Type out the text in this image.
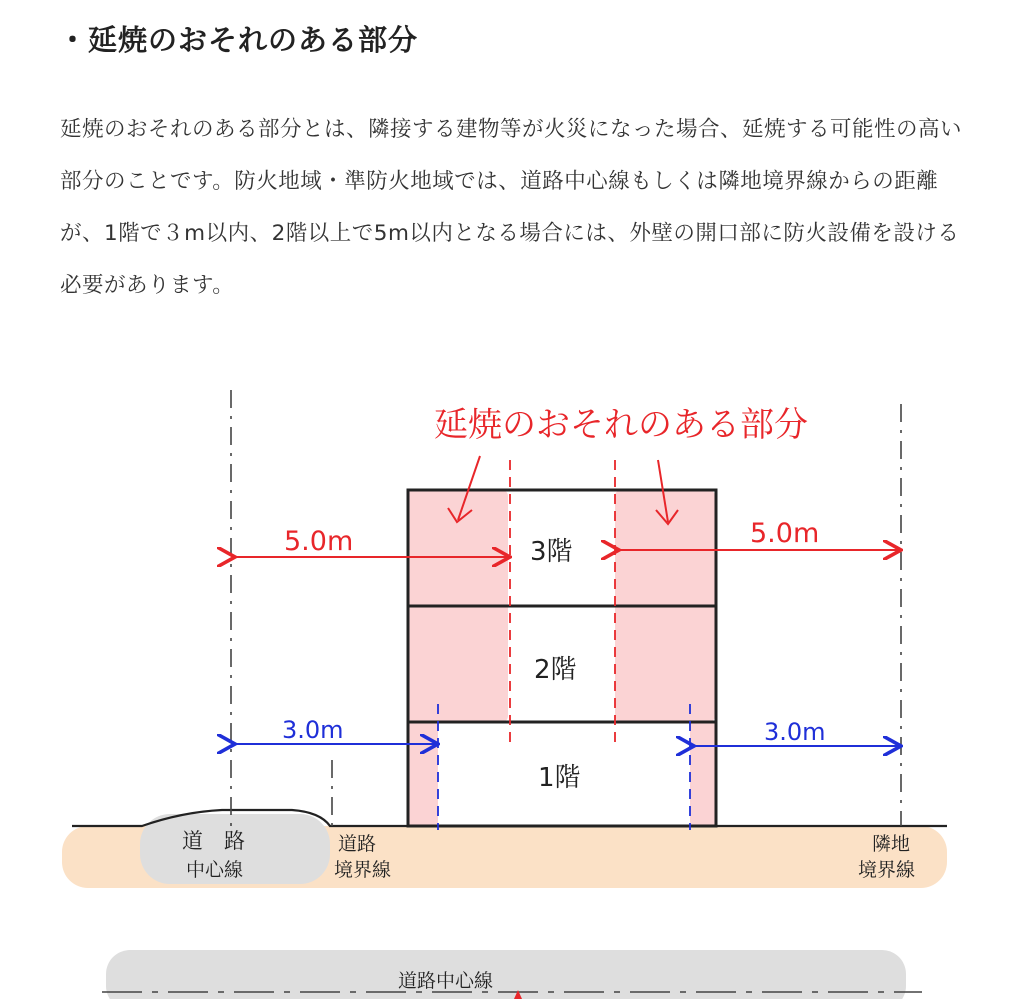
・延焼のおそれのある部分

延焼のおそれのある部分とは、隣接する建物等が火災になった場合、延焼する可能性の高い部分のことです。防火地域・準防火地域では、道路中心線もしくは隣地境界線からの距離が、1階で３m以内、2階以上で5m以内となる場合には、外壁の開口部に防火設備を設ける必要があります。

延焼のおそれのある部分
5.0m	5.0m
3.0m	3.0m
3階
2階
1階
道　路
中心線
道路
境界線
隣地
境界線
道路中心線
